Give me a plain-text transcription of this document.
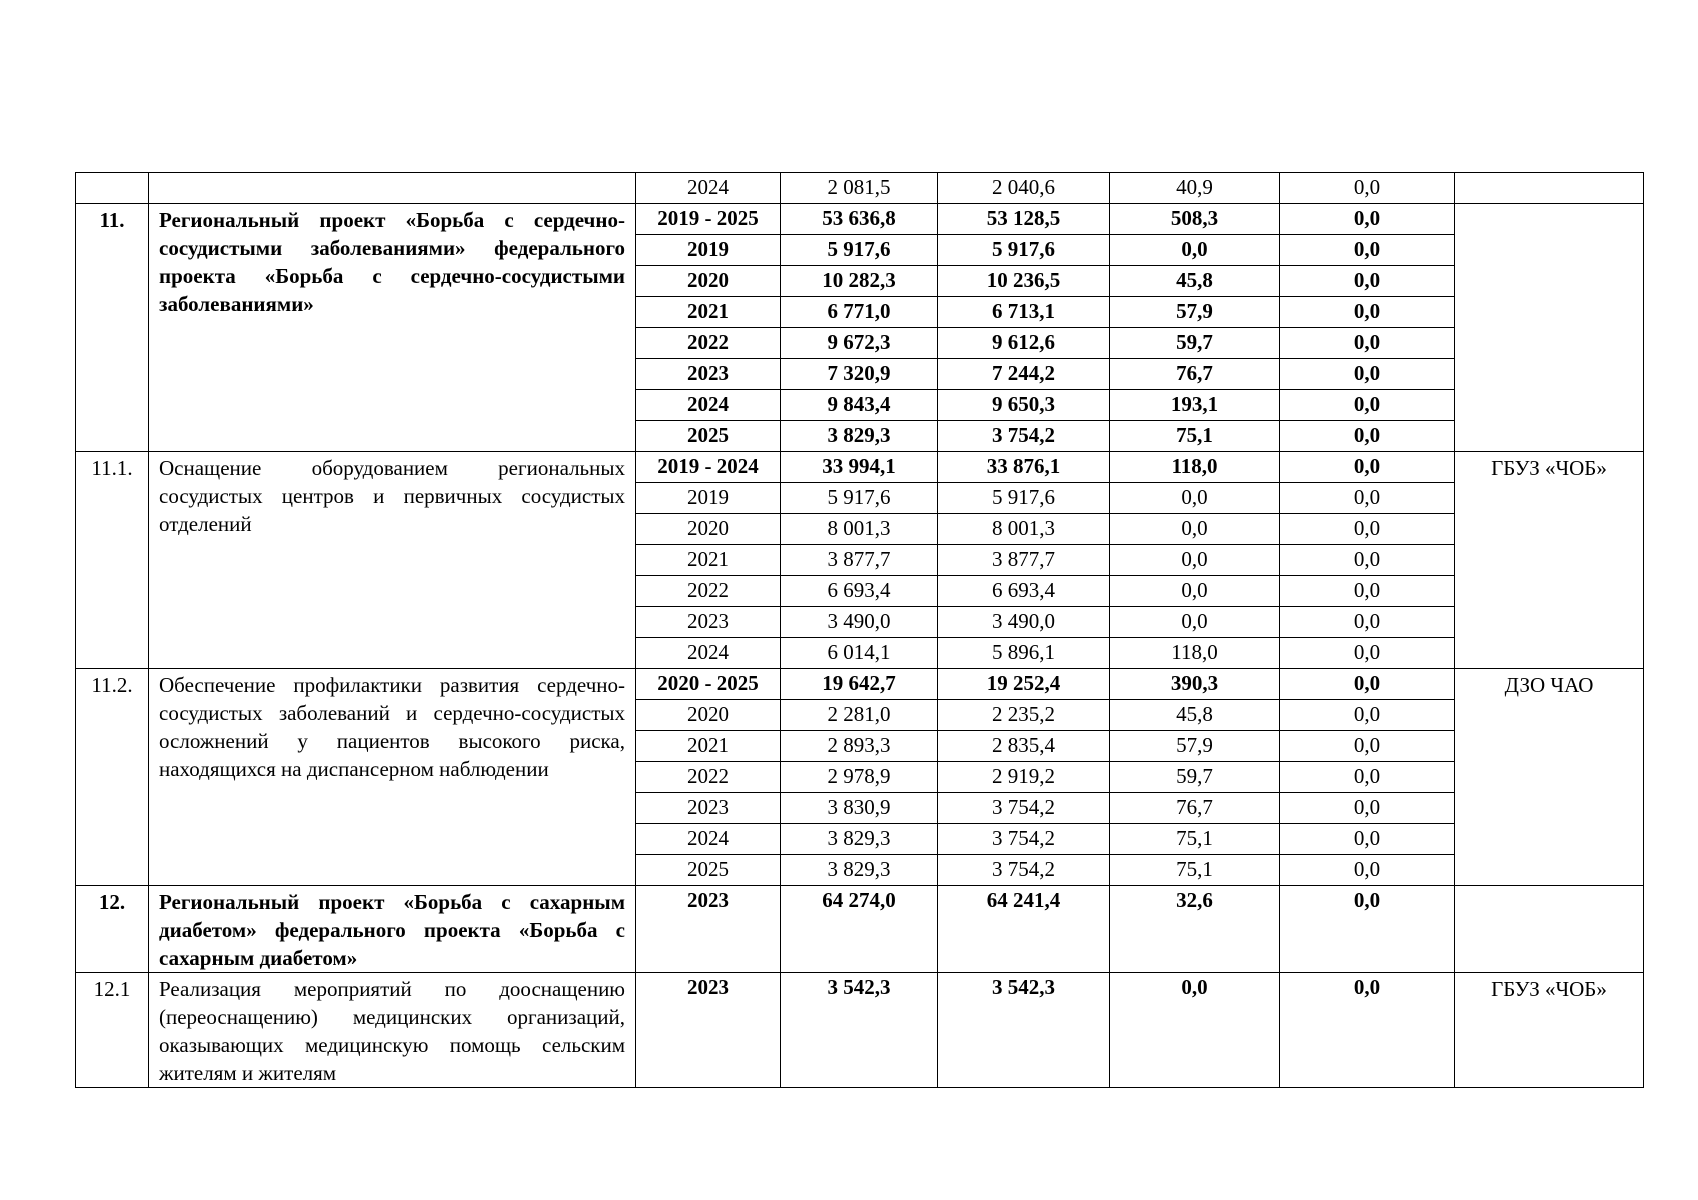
		2024	2 081,5	2 040,6	40,9	0,0	
11.	Региональный проект «Борьба с сердечно-сосудистыми заболеваниями» федерального проекта «Борьба с сердечно-сосудистыми заболеваниями»	2019 - 2025	53 636,8	53 128,5	508,3	0,0	
		2019	5 917,6	5 917,6	0,0	0,0	
		2020	10 282,3	10 236,5	45,8	0,0	
		2021	6 771,0	6 713,1	57,9	0,0	
		2022	9 672,3	9 612,6	59,7	0,0	
		2023	7 320,9	7 244,2	76,7	0,0	
		2024	9 843,4	9 650,3	193,1	0,0	
		2025	3 829,3	3 754,2	75,1	0,0	
11.1.	Оснащение оборудованием региональных сосудистых центров и первичных сосудистых отделений	2019 - 2024	33 994,1	33 876,1	118,0	0,0	ГБУЗ «ЧОБ»
		2019	5 917,6	5 917,6	0,0	0,0	
		2020	8 001,3	8 001,3	0,0	0,0	
		2021	3 877,7	3 877,7	0,0	0,0	
		2022	6 693,4	6 693,4	0,0	0,0	
		2023	3 490,0	3 490,0	0,0	0,0	
		2024	6 014,1	5 896,1	118,0	0,0	
11.2.	Обеспечение профилактики развития сердечно-сосудистых заболеваний и сердечно-сосудистых осложнений у пациентов высокого риска, находящихся на диспансерном наблюдении	2020 - 2025	19 642,7	19 252,4	390,3	0,0	ДЗО ЧАО
		2020	2 281,0	2 235,2	45,8	0,0	
		2021	2 893,3	2 835,4	57,9	0,0	
		2022	2 978,9	2 919,2	59,7	0,0	
		2023	3 830,9	3 754,2	76,7	0,0	
		2024	3 829,3	3 754,2	75,1	0,0	
		2025	3 829,3	3 754,2	75,1	0,0	
12.	Региональный проект «Борьба с сахарным диабетом» федерального проекта «Борьба с сахарным диабетом»	2023	64 274,0	64 241,4	32,6	0,0	
12.1	Реализация мероприятий по дооснащению (переоснащению) медицинских организаций, оказывающих медицинскую помощь сельским жителям и жителям	2023	3 542,3	3 542,3	0,0	0,0	ГБУЗ «ЧОБ»
